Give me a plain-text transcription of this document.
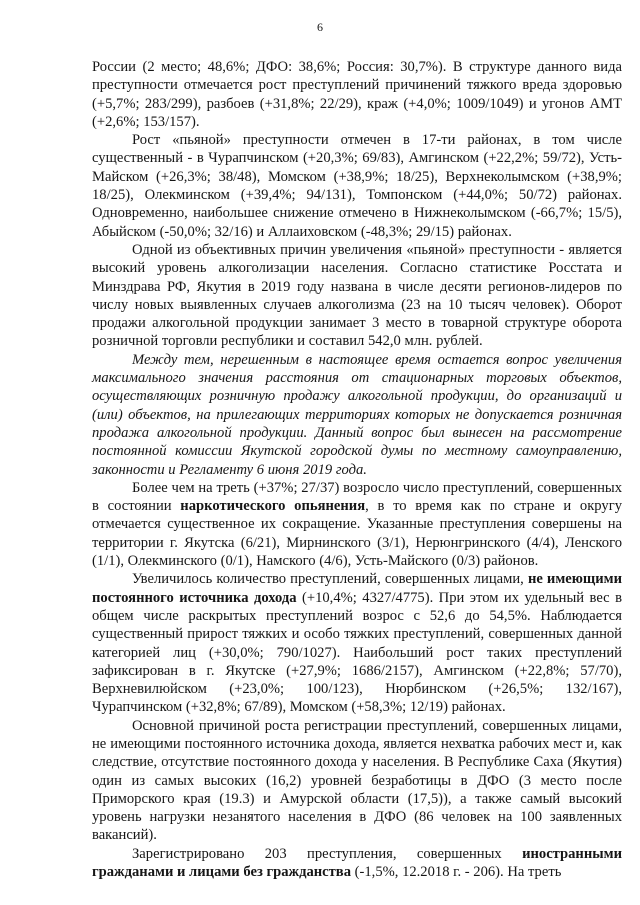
6

России (2 место; 48,6%; ДФО: 38,6%; Россия: 30,7%). В структуре данного вида преступности отмечается рост преступлений причинений тяжкого вреда здоровью (+5,7%; 283/299), разбоев (+31,8%; 22/29), краж (+4,0%; 1009/1049) и угонов АМТ (+2,6%; 153/157).

Рост «пьяной» преступности отмечен в 17-ти районах, в том числе существенный - в Чурапчинском (+20,3%; 69/83), Амгинском (+22,2%; 59/72), Усть-Майском (+26,3%; 38/48), Момском (+38,9%; 18/25), Верхнеколымском (+38,9%; 18/25), Олекминском (+39,4%; 94/131), Томпонском (+44,0%; 50/72) районах. Одновременно, наибольшее снижение отмечено в Нижнеколымском (-66,7%; 15/5), Абыйском (-50,0%; 32/16) и Аллаиховском (-48,3%; 29/15) районах.

Одной из объективных причин увеличения «пьяной» преступности - является высокий уровень алкоголизации населения. Согласно статистике Росстата и Минздрава РФ, Якутия в 2019 году названа в числе десяти регионов-лидеров по числу новых выявленных случаев алкоголизма (23 на 10 тысяч человек). Оборот продажи алкогольной продукции занимает 3 место в товарной структуре оборота розничной торговли республики и составил 542,0 млн. рублей.

Между тем, нерешенным в настоящее время остается вопрос увеличения максимального значения расстояния от стационарных торговых объектов, осуществляющих розничную продажу алкогольной продукции, до организаций и (или) объектов, на прилегающих территориях которых не допускается розничная продажа алкогольной продукции. Данный вопрос был вынесен на рассмотрение постоянной комиссии Якутской городской думы по местному самоуправлению, законности и Регламенту 6 июня 2019 года.

Более чем на треть (+37%; 27/37) возросло число преступлений, совершенных в состоянии наркотического опьянения, в то время как по стране и округу отмечается существенное их сокращение. Указанные преступления совершены на территории г. Якутска (6/21), Мирнинского (3/1), Нерюнгринского (4/4), Ленского (1/1), Олекминского (0/1), Намского (4/6), Усть-Майского (0/3) районов.

Увеличилось количество преступлений, совершенных лицами, не имеющими постоянного источника дохода (+10,4%; 4327/4775). При этом их удельный вес в общем числе раскрытых преступлений возрос с 52,6 до 54,5%. Наблюдается существенный прирост тяжких и особо тяжких преступлений, совершенных данной категорией лиц (+30,0%; 790/1027). Наибольший рост таких преступлений зафиксирован в г. Якутске (+27,9%; 1686/2157), Амгинском (+22,8%; 57/70), Верхневилюйском (+23,0%; 100/123), Нюрбинском (+26,5%; 132/167), Чурапчинском (+32,8%; 67/89), Момском (+58,3%; 12/19) районах.

Основной причиной роста регистрации преступлений, совершенных лицами, не имеющими постоянного источника дохода, является нехватка рабочих мест и, как следствие, отсутствие постоянного дохода у населения. В Республике Саха (Якутия) один из самых высоких (16,2) уровней безработицы в ДФО (3 место после Приморского края (19.3) и Амурской области (17,5)), а также самый высокий уровень нагрузки незанятого населения в ДФО (86 человек на 100 заявленных вакансий).

Зарегистрировано 203 преступления, совершенных иностранными гражданами и лицами без гражданства (-1,5%, 12.2018 г. - 206). На треть
